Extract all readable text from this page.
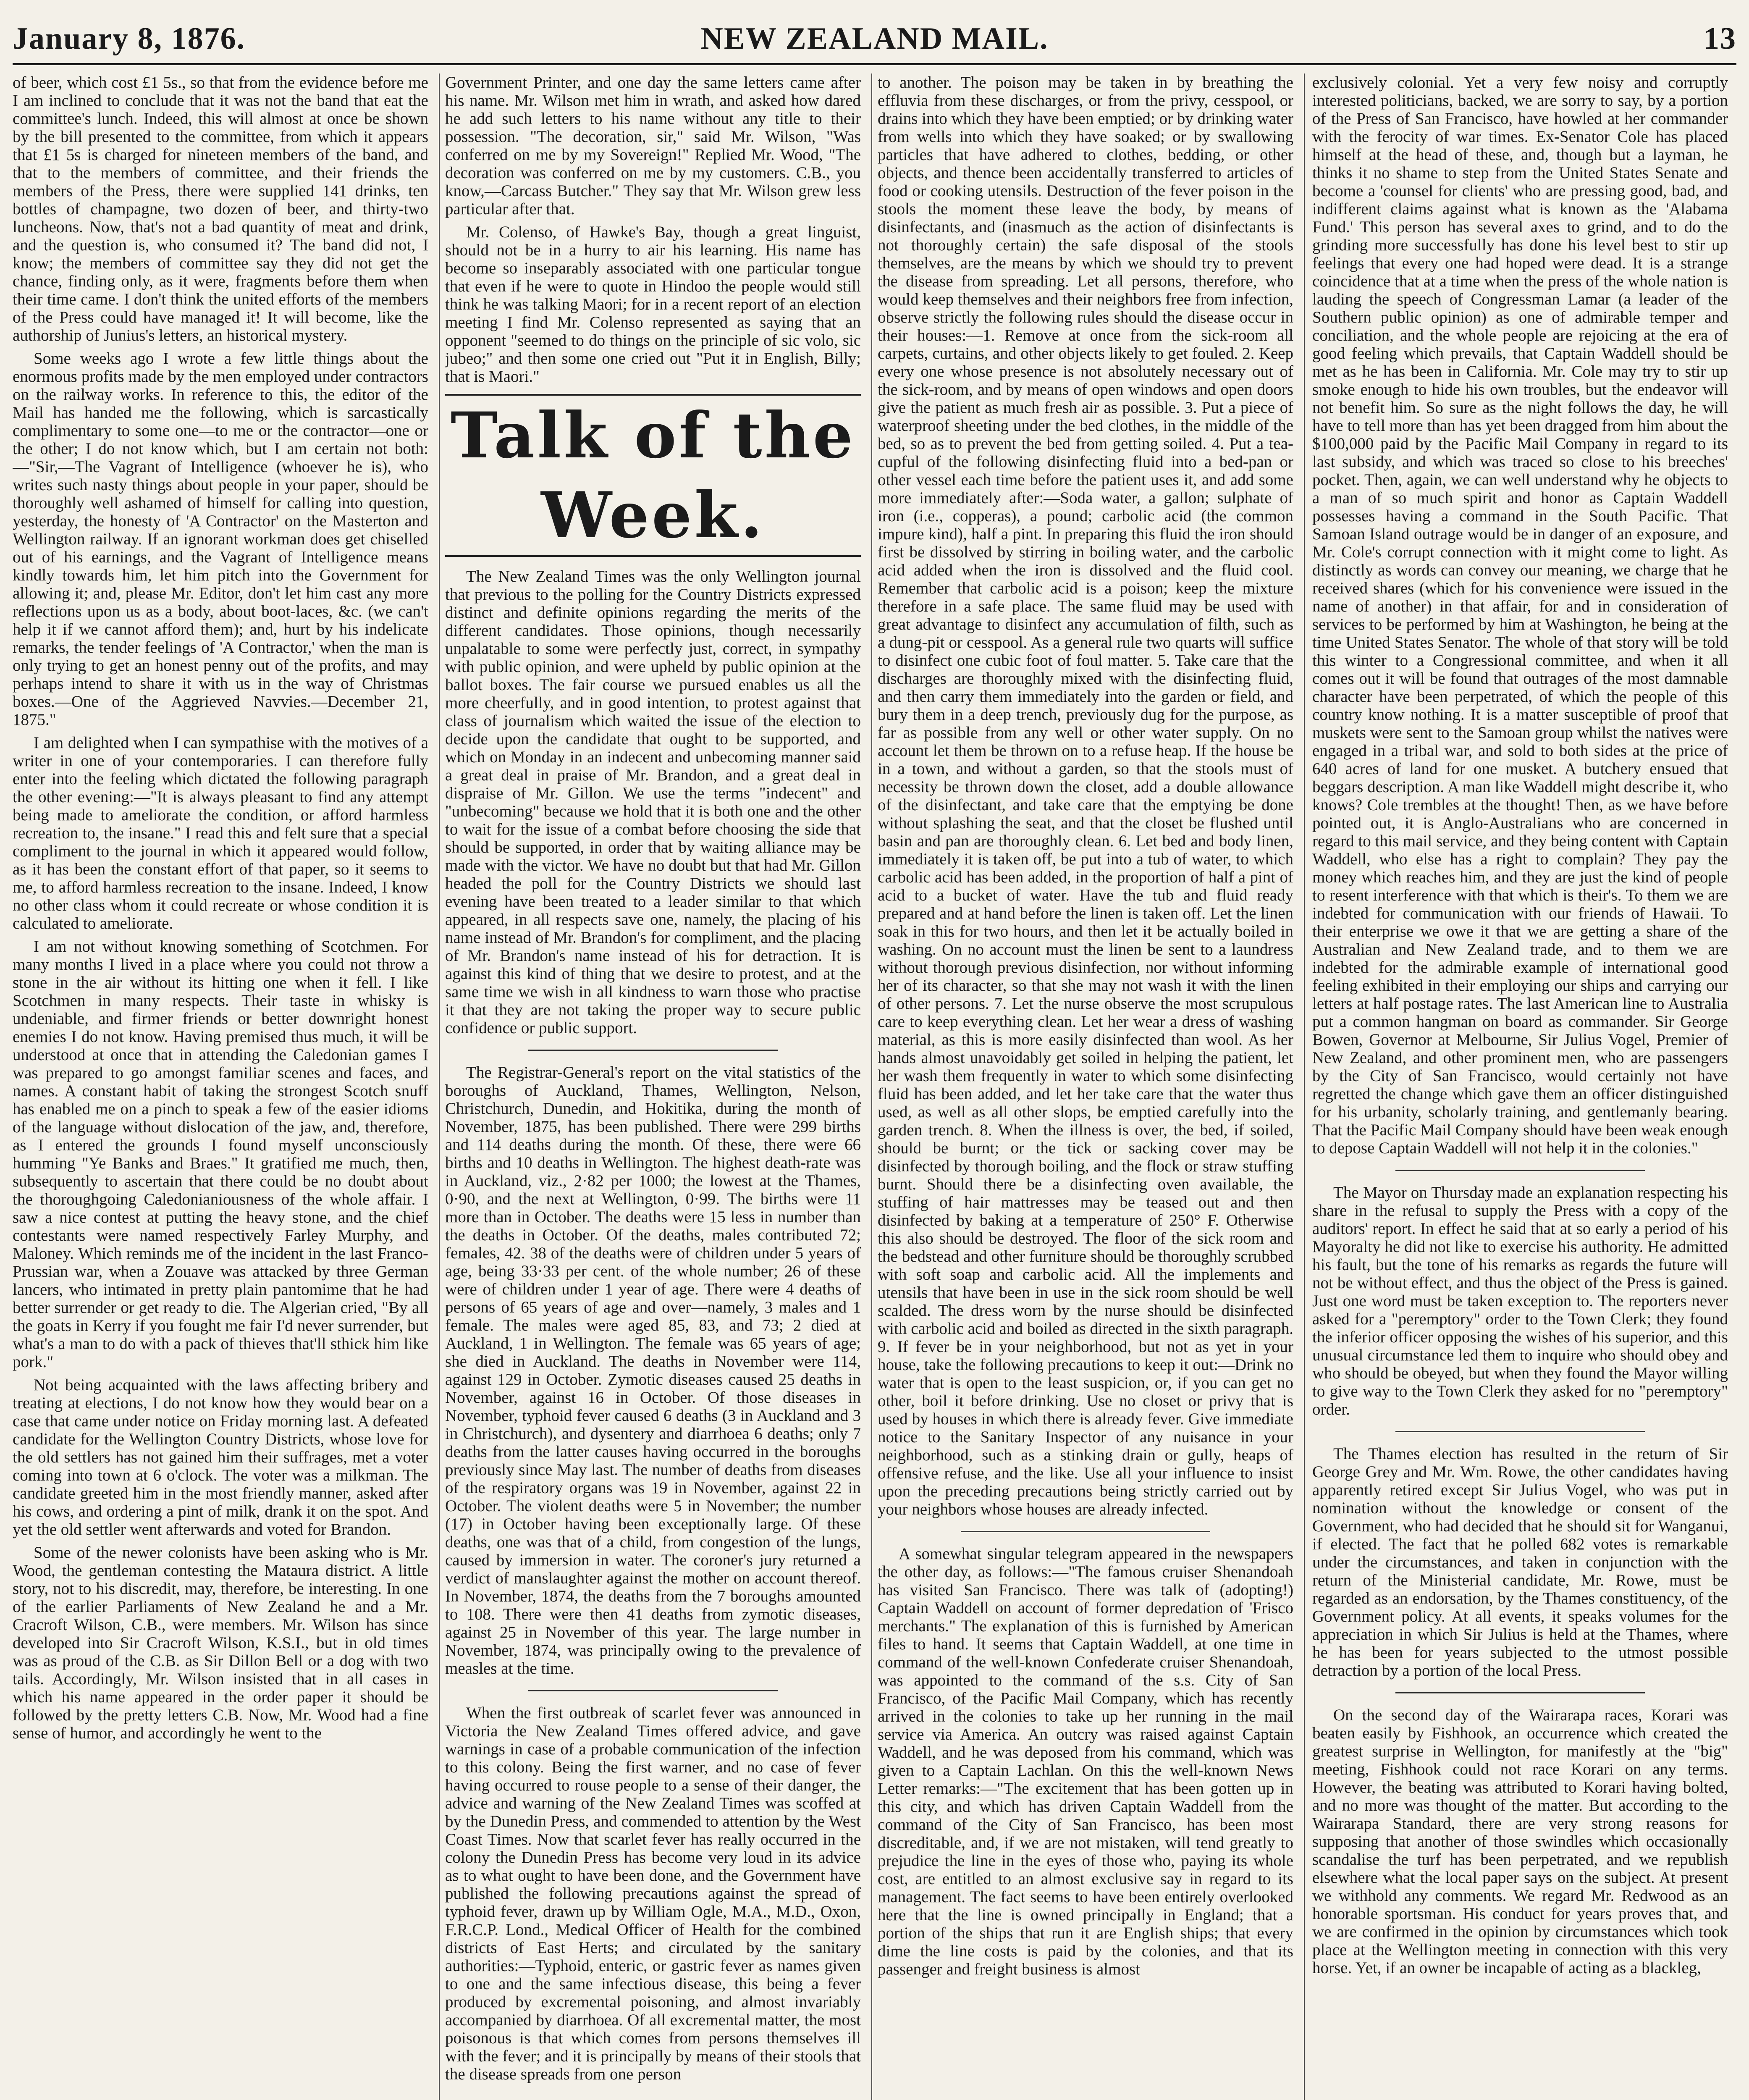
January 8, 1876.	NEW ZEALAND MAIL.	13

of beer, which cost £1 5s., so that from the evidence before me I am inclined to conclude that it was not the band that eat the committee's lunch. Indeed, this will almost at once be shown by the bill presented to the committee, from which it appears that £1 5s is charged for nineteen members of the band, and that to the members of committee, and their friends the members of the Press, there were supplied 141 drinks, ten bottles of champagne, two dozen of beer, and thirty-two luncheons. Now, that's not a bad quantity of meat and drink, and the question is, who consumed it? The band did not, I know; the members of committee say they did not get the chance, finding only, as it were, fragments before them when their time came. I don't think the united efforts of the members of the Press could have managed it! It will become, like the authorship of Junius's letters, an historical mystery.

Some weeks ago I wrote a few little things about the enormous profits made by the men employed under contractors on the railway works. In reference to this, the editor of the Mail has handed me the following, which is sarcastically complimentary to some one—to me or the contractor—one or the other; I do not know which, but I am certain not both:—"Sir,—The Vagrant of Intelligence (whoever he is), who writes such nasty things about people in your paper, should be thoroughly well ashamed of himself for calling into question, yesterday, the honesty of 'A Contractor' on the Masterton and Wellington railway. If an ignorant workman does get chiselled out of his earnings, and the Vagrant of Intelligence means kindly towards him, let him pitch into the Government for allowing it; and, please Mr. Editor, don't let him cast any more reflections upon us as a body, about boot-laces, &c. (we can't help it if we cannot afford them); and, hurt by his indelicate remarks, the tender feelings of 'A Contractor,' when the man is only trying to get an honest penny out of the profits, and may perhaps intend to share it with us in the way of Christmas boxes.—One of the Aggrieved Navvies.—December 21, 1875."

I am delighted when I can sympathise with the motives of a writer in one of your contemporaries. I can therefore fully enter into the feeling which dictated the following paragraph the other evening:—"It is always pleasant to find any attempt being made to ameliorate the condition, or afford harmless recreation to, the insane." I read this and felt sure that a special compliment to the journal in which it appeared would follow, as it has been the constant effort of that paper, so it seems to me, to afford harmless recreation to the insane. Indeed, I know no other class whom it could recreate or whose condition it is calculated to ameliorate.

I am not without knowing something of Scotchmen. For many months I lived in a place where you could not throw a stone in the air without its hitting one when it fell. I like Scotchmen in many respects. Their taste in whisky is undeniable, and firmer friends or better downright honest enemies I do not know. Having premised thus much, it will be understood at once that in attending the Caledonian games I was prepared to go amongst familiar scenes and faces, and names. A constant habit of taking the strongest Scotch snuff has enabled me on a pinch to speak a few of the easier idioms of the language without dislocation of the jaw, and, therefore, as I entered the grounds I found myself unconsciously humming "Ye Banks and Braes." It gratified me much, then, subsequently to ascertain that there could be no doubt about the thoroughgoing Caledonianiousness of the whole affair. I saw a nice contest at putting the heavy stone, and the chief contestants were named respectively Farley Murphy, and Maloney. Which reminds me of the incident in the last Franco-Prussian war, when a Zouave was attacked by three German lancers, who intimated in pretty plain pantomime that he had better surrender or get ready to die. The Algerian cried, "By all the goats in Kerry if you fought me fair I'd never surrender, but what's a man to do with a pack of thieves that'll sthick him like pork."

Not being acquainted with the laws affecting bribery and treating at elections, I do not know how they would bear on a case that came under notice on Friday morning last. A defeated candidate for the Wellington Country Districts, whose love for the old settlers has not gained him their suffrages, met a voter coming into town at 6 o'clock. The voter was a milkman. The candidate greeted him in the most friendly manner, asked after his cows, and ordering a pint of milk, drank it on the spot. And yet the old settler went afterwards and voted for Brandon.

Some of the newer colonists have been asking who is Mr. Wood, the gentleman contesting the Mataura district. A little story, not to his discredit, may, therefore, be interesting. In one of the earlier Parliaments of New Zealand he and a Mr. Cracroft Wilson, C.B., were members. Mr. Wilson has since developed into Sir Cracroft Wilson, K.S.I., but in old times was as proud of the C.B. as Sir Dillon Bell or a dog with two tails. Accordingly, Mr. Wilson insisted that in all cases in which his name appeared in the order paper it should be followed by the pretty letters C.B. Now, Mr. Wood had a fine sense of humor, and accordingly he went to the

Government Printer, and one day the same letters came after his name. Mr. Wilson met him in wrath, and asked how dared he add such letters to his name without any title to their possession. "The decoration, sir," said Mr. Wilson, "Was conferred on me by my Sovereign!" Replied Mr. Wood, "The decoration was conferred on me by my customers. C.B., you know,—Carcass Butcher." They say that Mr. Wilson grew less particular after that.

Mr. Colenso, of Hawke's Bay, though a great linguist, should not be in a hurry to air his learning. His name has become so inseparably associated with one particular tongue that even if he were to quote in Hindoo the people would still think he was talking Maori; for in a recent report of an election meeting I find Mr. Colenso represented as saying that an opponent "seemed to do things on the principle of sic volo, sic jubeo;" and then some one cried out "Put it in English, Billy; that is Maori."

Talk of the Week.

The New Zealand Times was the only Wellington journal that previous to the polling for the Country Districts expressed distinct and definite opinions regarding the merits of the different candidates. Those opinions, though necessarily unpalatable to some were perfectly just, correct, in sympathy with public opinion, and were upheld by public opinion at the ballot boxes. The fair course we pursued enables us all the more cheerfully, and in good intention, to protest against that class of journalism which waited the issue of the election to decide upon the candidate that ought to be supported, and which on Monday in an indecent and unbecoming manner said a great deal in praise of Mr. Brandon, and a great deal in dispraise of Mr. Gillon. We use the terms "indecent" and "unbecoming" because we hold that it is both one and the other to wait for the issue of a combat before choosing the side that should be supported, in order that by waiting alliance may be made with the victor. We have no doubt but that had Mr. Gillon headed the poll for the Country Districts we should last evening have been treated to a leader similar to that which appeared, in all respects save one, namely, the placing of his name instead of Mr. Brandon's for compliment, and the placing of Mr. Brandon's name instead of his for detraction. It is against this kind of thing that we desire to protest, and at the same time we wish in all kindness to warn those who practise it that they are not taking the proper way to secure public confidence or public support.

The Registrar-General's report on the vital statistics of the boroughs of Auckland, Thames, Wellington, Nelson, Christchurch, Dunedin, and Hokitika, during the month of November, 1875, has been published. There were 299 births and 114 deaths during the month. Of these, there were 66 births and 10 deaths in Wellington. The highest death-rate was in Auckland, viz., 2·82 per 1000; the lowest at the Thames, 0·90, and the next at Wellington, 0·99. The births were 11 more than in October. The deaths were 15 less in number than the deaths in October. Of the deaths, males contributed 72; females, 42. 38 of the deaths were of children under 5 years of age, being 33·33 per cent. of the whole number; 26 of these were of children under 1 year of age. There were 4 deaths of persons of 65 years of age and over—namely, 3 males and 1 female. The males were aged 85, 83, and 73; 2 died at Auckland, 1 in Wellington. The female was 65 years of age; she died in Auckland. The deaths in November were 114, against 129 in October. Zymotic diseases caused 25 deaths in November, against 16 in October. Of those diseases in November, typhoid fever caused 6 deaths (3 in Auckland and 3 in Christchurch), and dysentery and diarrhoea 6 deaths; only 7 deaths from the latter causes having occurred in the boroughs previously since May last. The number of deaths from diseases of the respiratory organs was 19 in November, against 22 in October. The violent deaths were 5 in November; the number (17) in October having been exceptionally large. Of these deaths, one was that of a child, from congestion of the lungs, caused by immersion in water. The coroner's jury returned a verdict of manslaughter against the mother on account thereof. In November, 1874, the deaths from the 7 boroughs amounted to 108. There were then 41 deaths from zymotic diseases, against 25 in November of this year. The large number in November, 1874, was principally owing to the prevalence of measles at the time.

When the first outbreak of scarlet fever was announced in Victoria the New Zealand Times offered advice, and gave warnings in case of a probable communication of the infection to this colony. Being the first warner, and no case of fever having occurred to rouse people to a sense of their danger, the advice and warning of the New Zealand Times was scoffed at by the Dunedin Press, and commended to attention by the West Coast Times. Now that scarlet fever has really occurred in the colony the Dunedin Press has become very loud in its advice as to what ought to have been done, and the Government have published the following precautions against the spread of typhoid fever, drawn up by William Ogle, M.A., M.D., Oxon, F.R.C.P. Lond., Medical Officer of Health for the combined districts of East Herts; and circulated by the sanitary authorities:—Typhoid, enteric, or gastric fever as names given to one and the same infectious disease, this being a fever produced by excremental poisoning, and almost invariably accompanied by diarrhoea. Of all excremental matter, the most poisonous is that which comes from persons themselves ill with the fever; and it is principally by means of their stools that the disease spreads from one person

to another. The poison may be taken in by breathing the effluvia from these discharges, or from the privy, cesspool, or drains into which they have been emptied; or by drinking water from wells into which they have soaked; or by swallowing particles that have adhered to clothes, bedding, or other objects, and thence been accidentally transferred to articles of food or cooking utensils. Destruction of the fever poison in the stools the moment these leave the body, by means of disinfectants, and (inasmuch as the action of disinfectants is not thoroughly certain) the safe disposal of the stools themselves, are the means by which we should try to prevent the disease from spreading. Let all persons, therefore, who would keep themselves and their neighbors free from infection, observe strictly the following rules should the disease occur in their houses:—1. Remove at once from the sick-room all carpets, curtains, and other objects likely to get fouled. 2. Keep every one whose presence is not absolutely necessary out of the sick-room, and by means of open windows and open doors give the patient as much fresh air as possible. 3. Put a piece of waterproof sheeting under the bed clothes, in the middle of the bed, so as to prevent the bed from getting soiled. 4. Put a tea-cupful of the following disinfecting fluid into a bed-pan or other vessel each time before the patient uses it, and add some more immediately after:—Soda water, a gallon; sulphate of iron (i.e., copperas), a pound; carbolic acid (the common impure kind), half a pint. In preparing this fluid the iron should first be dissolved by stirring in boiling water, and the carbolic acid added when the iron is dissolved and the fluid cool. Remember that carbolic acid is a poison; keep the mixture therefore in a safe place. The same fluid may be used with great advantage to disinfect any accumulation of filth, such as a dung-pit or cesspool. As a general rule two quarts will suffice to disinfect one cubic foot of foul matter. 5. Take care that the discharges are thoroughly mixed with the disinfecting fluid, and then carry them immediately into the garden or field, and bury them in a deep trench, previously dug for the purpose, as far as possible from any well or other water supply. On no account let them be thrown on to a refuse heap. If the house be in a town, and without a garden, so that the stools must of necessity be thrown down the closet, add a double allowance of the disinfectant, and take care that the emptying be done without splashing the seat, and that the closet be flushed until basin and pan are thoroughly clean. 6. Let bed and body linen, immediately it is taken off, be put into a tub of water, to which carbolic acid has been added, in the proportion of half a pint of acid to a bucket of water. Have the tub and fluid ready prepared and at hand before the linen is taken off. Let the linen soak in this for two hours, and then let it be actually boiled in washing. On no account must the linen be sent to a laundress without thorough previous disinfection, nor without informing her of its character, so that she may not wash it with the linen of other persons. 7. Let the nurse observe the most scrupulous care to keep everything clean. Let her wear a dress of washing material, as this is more easily disinfected than wool. As her hands almost unavoidably get soiled in helping the patient, let her wash them frequently in water to which some disinfecting fluid has been added, and let her take care that the water thus used, as well as all other slops, be emptied carefully into the garden trench. 8. When the illness is over, the bed, if soiled, should be burnt; or the tick or sacking cover may be disinfected by thorough boiling, and the flock or straw stuffing burnt. Should there be a disinfecting oven available, the stuffing of hair mattresses may be teased out and then disinfected by baking at a temperature of 250° F. Otherwise this also should be destroyed. The floor of the sick room and the bedstead and other furniture should be thoroughly scrubbed with soft soap and carbolic acid. All the implements and utensils that have been in use in the sick room should be well scalded. The dress worn by the nurse should be disinfected with carbolic acid and boiled as directed in the sixth paragraph. 9. If fever be in your neighborhood, but not as yet in your house, take the following precautions to keep it out:—Drink no water that is open to the least suspicion, or, if you can get no other, boil it before drinking. Use no closet or privy that is used by houses in which there is already fever. Give immediate notice to the Sanitary Inspector of any nuisance in your neighborhood, such as a stinking drain or gully, heaps of offensive refuse, and the like. Use all your influence to insist upon the preceding precautions being strictly carried out by your neighbors whose houses are already infected.

A somewhat singular telegram appeared in the newspapers the other day, as follows:—"The famous cruiser Shenandoah has visited San Francisco. There was talk of (adopting!) Captain Waddell on account of former depredation of 'Frisco merchants." The explanation of this is furnished by American files to hand. It seems that Captain Waddell, at one time in command of the well-known Confederate cruiser Shenandoah, was appointed to the command of the s.s. City of San Francisco, of the Pacific Mail Company, which has recently arrived in the colonies to take up her running in the mail service via America. An outcry was raised against Captain Waddell, and he was deposed from his command, which was given to a Captain Lachlan. On this the well-known News Letter remarks:—"The excitement that has been gotten up in this city, and which has driven Captain Waddell from the command of the City of San Francisco, has been most discreditable, and, if we are not mistaken, will tend greatly to prejudice the line in the eyes of those who, paying its whole cost, are entitled to an almost exclusive say in regard to its management. The fact seems to have been entirely overlooked here that the line is owned principally in England; that a portion of the ships that run it are English ships; that every dime the line costs is paid by the colonies, and that its passenger and freight business is almost

exclusively colonial. Yet a very few noisy and corruptly interested politicians, backed, we are sorry to say, by a portion of the Press of San Francisco, have howled at her commander with the ferocity of war times. Ex-Senator Cole has placed himself at the head of these, and, though but a layman, he thinks it no shame to step from the United States Senate and become a 'counsel for clients' who are pressing good, bad, and indifferent claims against what is known as the 'Alabama Fund.' This person has several axes to grind, and to do the grinding more successfully has done his level best to stir up feelings that every one had hoped were dead. It is a strange coincidence that at a time when the press of the whole nation is lauding the speech of Congressman Lamar (a leader of the Southern public opinion) as one of admirable temper and conciliation, and the whole people are rejoicing at the era of good feeling which prevails, that Captain Waddell should be met as he has been in California. Mr. Cole may try to stir up smoke enough to hide his own troubles, but the endeavor will not benefit him. So sure as the night follows the day, he will have to tell more than has yet been dragged from him about the $100,000 paid by the Pacific Mail Company in regard to its last subsidy, and which was traced so close to his breeches' pocket. Then, again, we can well understand why he objects to a man of so much spirit and honor as Captain Waddell possesses having a command in the South Pacific. That Samoan Island outrage would be in danger of an exposure, and Mr. Cole's corrupt connection with it might come to light. As distinctly as words can convey our meaning, we charge that he received shares (which for his convenience were issued in the name of another) in that affair, for and in consideration of services to be performed by him at Washington, he being at the time United States Senator. The whole of that story will be told this winter to a Congressional committee, and when it all comes out it will be found that outrages of the most damnable character have been perpetrated, of which the people of this country know nothing. It is a matter susceptible of proof that muskets were sent to the Samoan group whilst the natives were engaged in a tribal war, and sold to both sides at the price of 640 acres of land for one musket. A butchery ensued that beggars description. A man like Waddell might describe it, who knows? Cole trembles at the thought! Then, as we have before pointed out, it is Anglo-Australians who are concerned in regard to this mail service, and they being content with Captain Waddell, who else has a right to complain? They pay the money which reaches him, and they are just the kind of people to resent interference with that which is their's. To them we are indebted for communication with our friends of Hawaii. To their enterprise we owe it that we are getting a share of the Australian and New Zealand trade, and to them we are indebted for the admirable example of international good feeling exhibited in their employing our ships and carrying our letters at half postage rates. The last American line to Australia put a common hangman on board as commander. Sir George Bowen, Governor at Melbourne, Sir Julius Vogel, Premier of New Zealand, and other prominent men, who are passengers by the City of San Francisco, would certainly not have regretted the change which gave them an officer distinguished for his urbanity, scholarly training, and gentlemanly bearing. That the Pacific Mail Company should have been weak enough to depose Captain Waddell will not help it in the colonies."

The Mayor on Thursday made an explanation respecting his share in the refusal to supply the Press with a copy of the auditors' report. In effect he said that at so early a period of his Mayoralty he did not like to exercise his authority. He admitted his fault, but the tone of his remarks as regards the future will not be without effect, and thus the object of the Press is gained. Just one word must be taken exception to. The reporters never asked for a "peremptory" order to the Town Clerk; they found the inferior officer opposing the wishes of his superior, and this unusual circumstance led them to inquire who should obey and who should be obeyed, but when they found the Mayor willing to give way to the Town Clerk they asked for no "peremptory" order.

The Thames election has resulted in the return of Sir George Grey and Mr. Wm. Rowe, the other candidates having apparently retired except Sir Julius Vogel, who was put in nomination without the knowledge or consent of the Government, who had decided that he should sit for Wanganui, if elected. The fact that he polled 682 votes is remarkable under the circumstances, and taken in conjunction with the return of the Ministerial candidate, Mr. Rowe, must be regarded as an endorsation, by the Thames constituency, of the Government policy. At all events, it speaks volumes for the appreciation in which Sir Julius is held at the Thames, where he has been for years subjected to the utmost possible detraction by a portion of the local Press.

On the second day of the Wairarapa races, Korari was beaten easily by Fishhook, an occurrence which created the greatest surprise in Wellington, for manifestly at the "big" meeting, Fishhook could not race Korari on any terms. However, the beating was attributed to Korari having bolted, and no more was thought of the matter. But according to the Wairarapa Standard, there are very strong reasons for supposing that another of those swindles which occasionally scandalise the turf has been perpetrated, and we republish elsewhere what the local paper says on the subject. At present we withhold any comments. We regard Mr. Redwood as an honorable sportsman. His conduct for years proves that, and we are confirmed in the opinion by circumstances which took place at the Wellington meeting in connection with this very horse. Yet, if an owner be incapable of acting as a blackleg,
